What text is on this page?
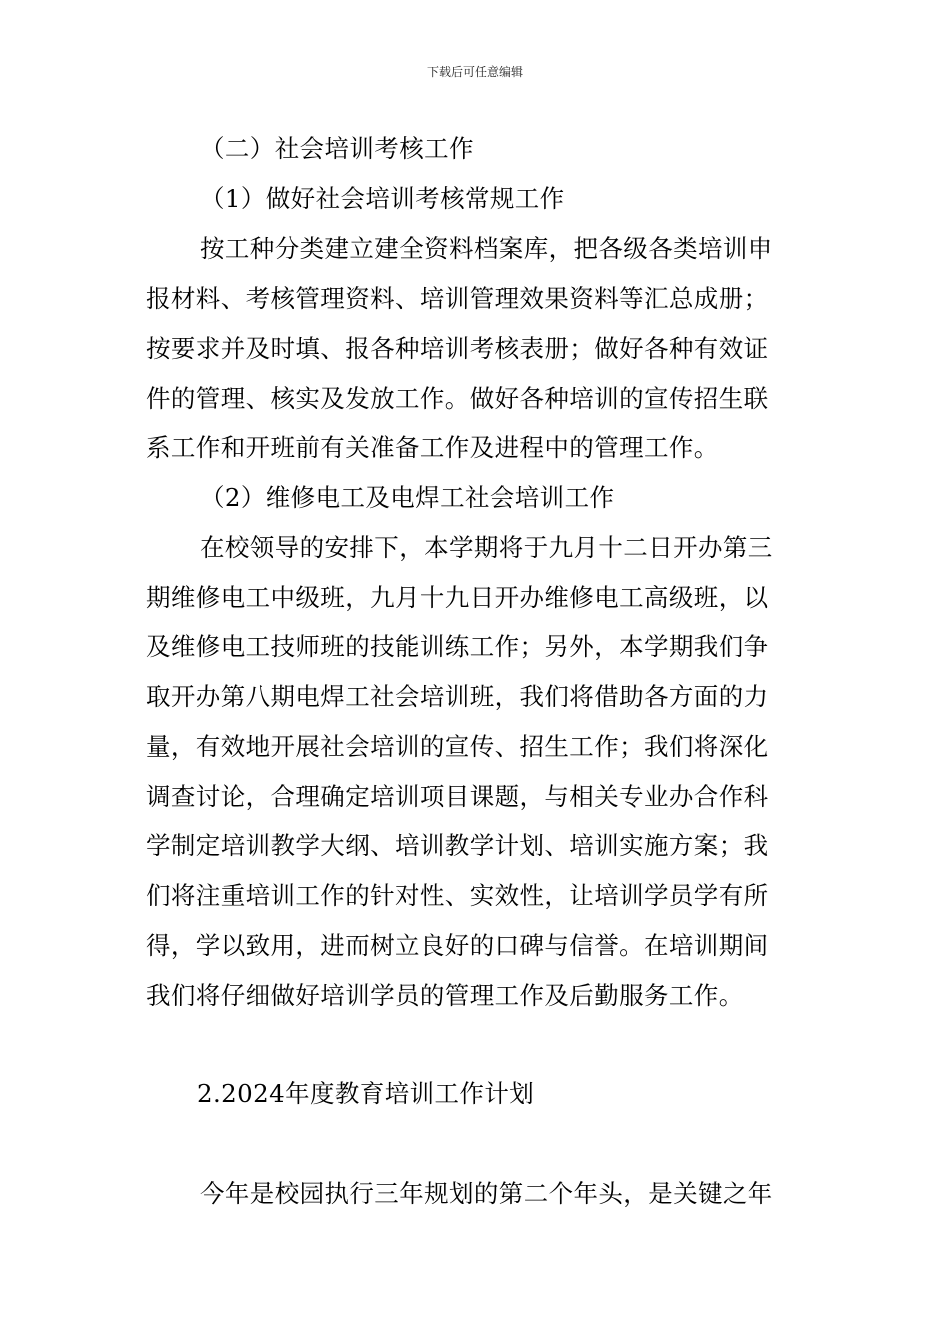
下载后可任意编辑
（二）社会培训考核工作
（1）做好社会培训考核常规工作
按工种分类建立建全资料档案库，把各级各类培训申
报材料、考核管理资料、培训管理效果资料等汇总成册；
按要求并及时填、报各种培训考核表册；做好各种有效证
件的管理、核实及发放工作。做好各种培训的宣传招生联
系工作和开班前有关准备工作及进程中的管理工作。
（2）维修电工及电焊工社会培训工作
在校领导的安排下，本学期将于九月十二日开办第三
期维修电工中级班，九月十九日开办维修电工高级班，以
及维修电工技师班的技能训练工作；另外，本学期我们争
取开办第八期电焊工社会培训班，我们将借助各方面的力
量，有效地开展社会培训的宣传、招生工作；我们将深化
调查讨论，合理确定培训项目课题，与相关专业办合作科
学制定培训教学大纲、培训教学计划、培训实施方案；我
们将注重培训工作的针对性、实效性，让培训学员学有所
得，学以致用，进而树立良好的口碑与信誉。在培训期间
我们将仔细做好培训学员的管理工作及后勤服务工作。
2.2024年度教育培训工作计划
今年是校园执行三年规划的第二个年头，是关键之年
